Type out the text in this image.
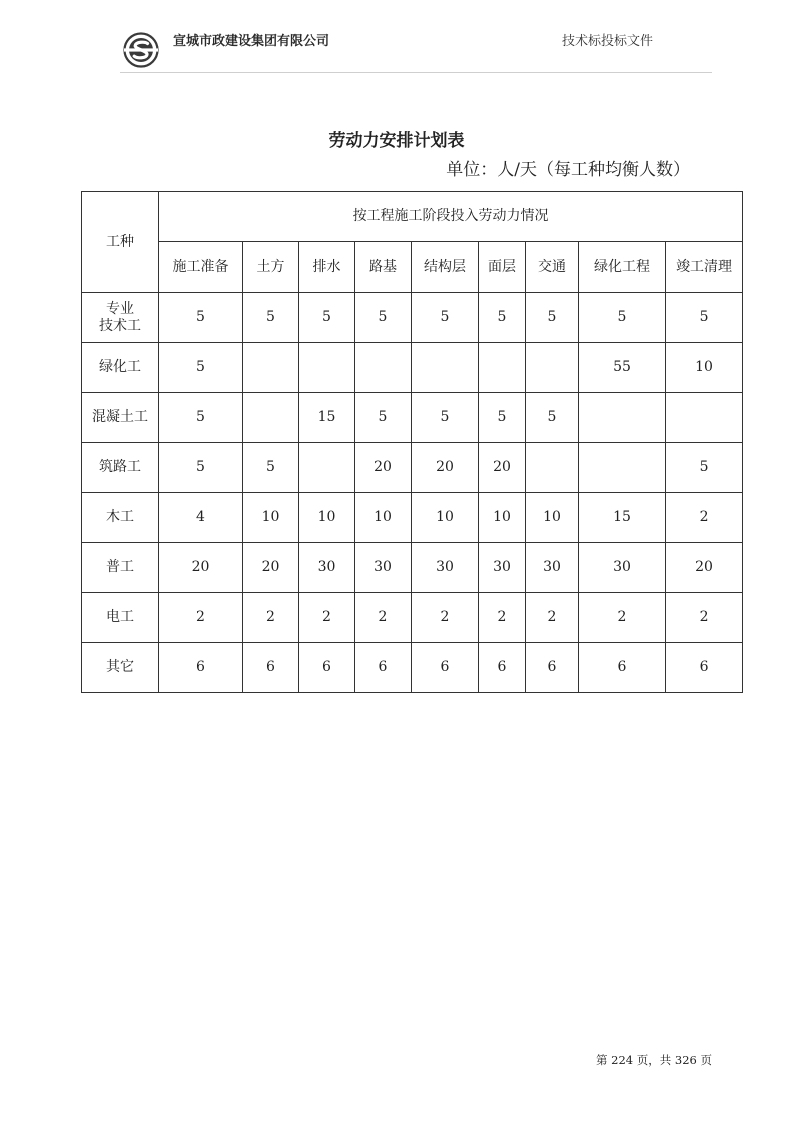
宣城市政建设集团有限公司	技术标投标文件
劳动力安排计划表
单位：人/天（每工种均衡人数）
工种	按工程施工阶段投入劳动力情况								
	施工准备	土方	排水	路基	结构层	面层	交通	绿化工程	竣工清理
专业
技术工	5	5	5	5	5	5	5	5	5
绿化工	5							55	10
混凝土工	5		15	5	5	5	5		
筑路工	5	5		20	20	20			5
木工	4	10	10	10	10	10	10	15	2
普工	20	20	30	30	30	30	30	30	20
电工	2	2	2	2	2	2	2	2	2
其它	6	6	6	6	6	6	6	6	6
第 224 页，共 326 页
